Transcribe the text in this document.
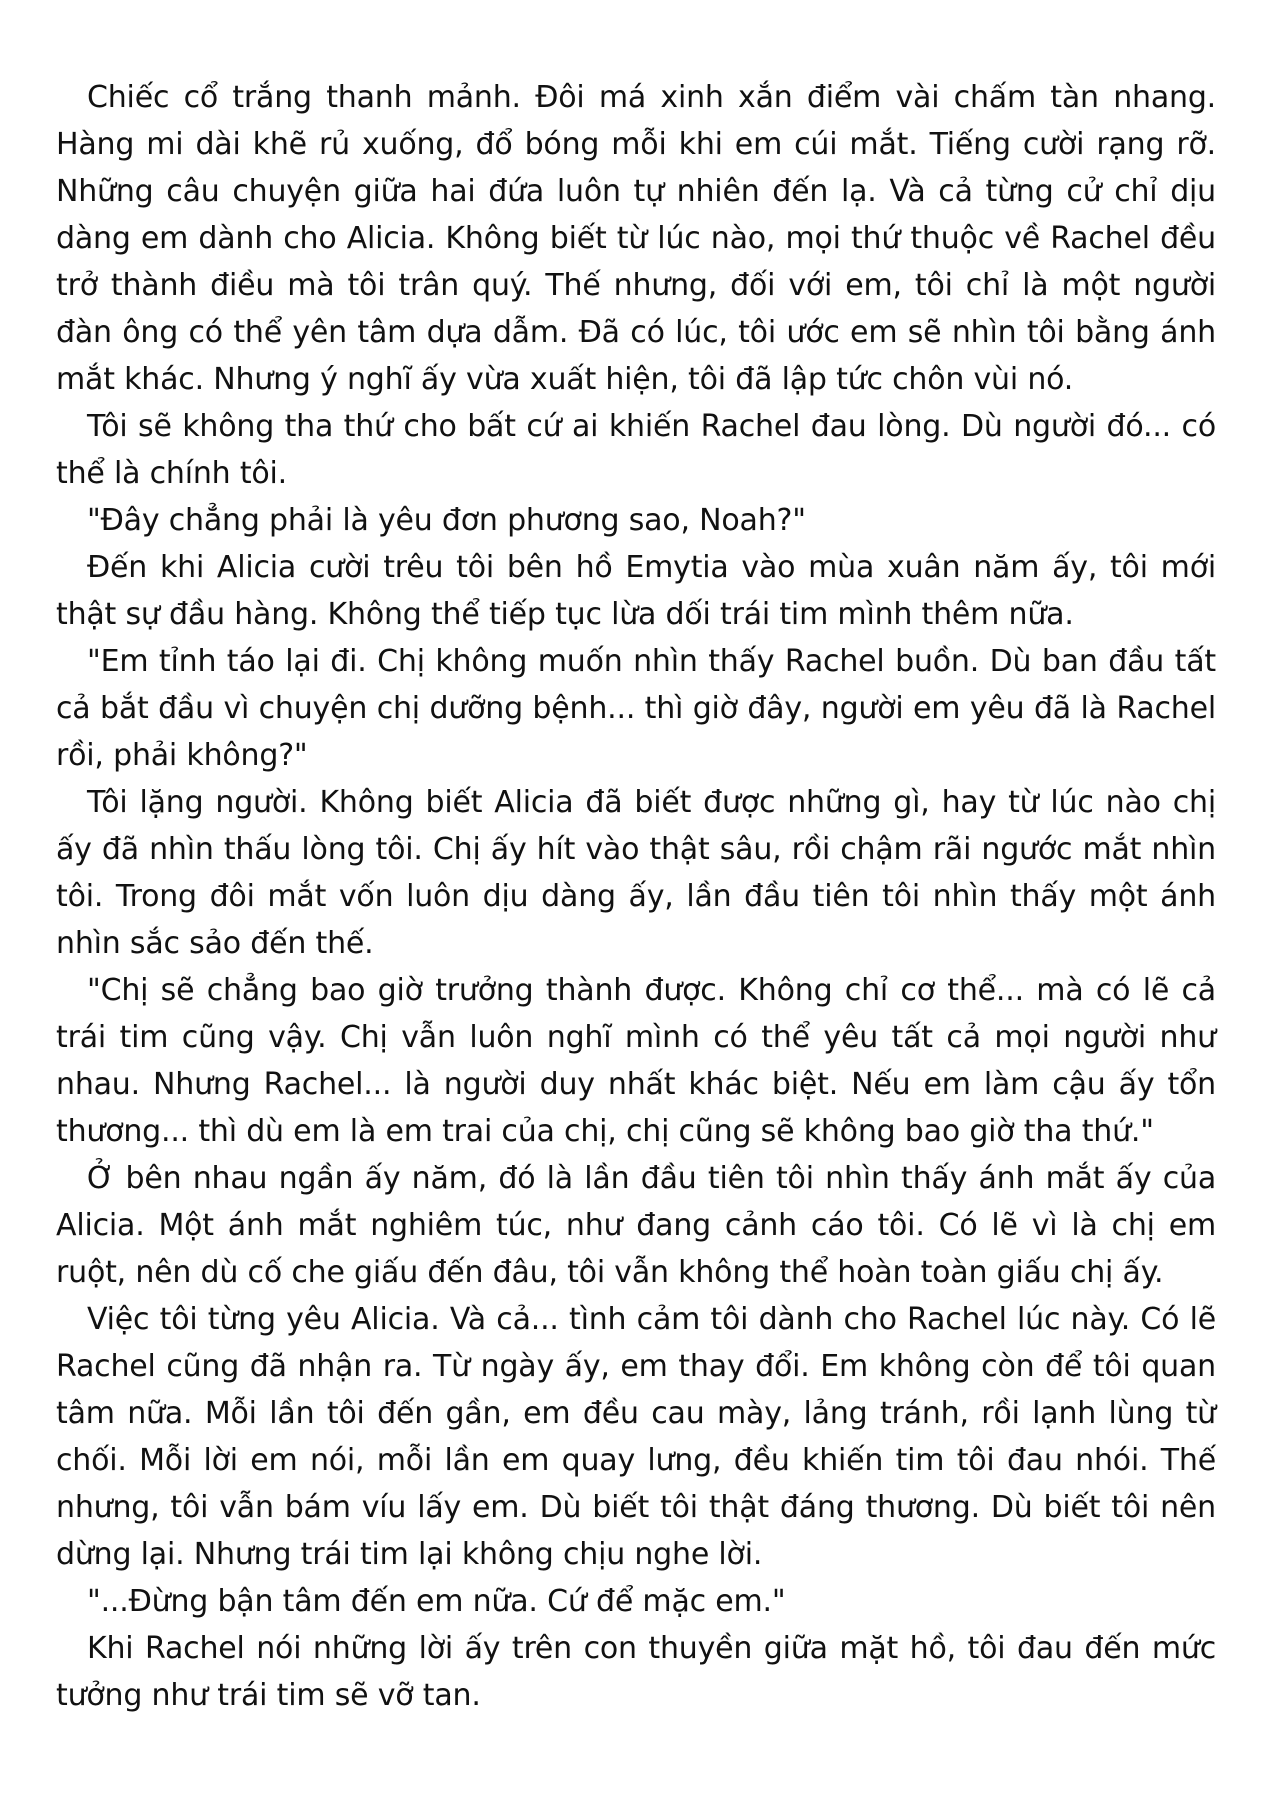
Chiếc cổ trắng thanh mảnh. Đôi má xinh xắn điểm vài chấm tàn nhang. Hàng mi dài khẽ rủ xuống, đổ bóng mỗi khi em cúi mắt. Tiếng cười rạng rỡ. Những câu chuyện giữa hai đứa luôn tự nhiên đến lạ. Và cả từng cử chỉ dịu dàng em dành cho Alicia. Không biết từ lúc nào, mọi thứ thuộc về Rachel đều trở thành điều mà tôi trân quý. Thế nhưng, đối với em, tôi chỉ là một người đàn ông có thể yên tâm dựa dẫm. Đã có lúc, tôi ước em sẽ nhìn tôi bằng ánh mắt khác. Nhưng ý nghĩ ấy vừa xuất hiện, tôi đã lập tức chôn vùi nó.

Tôi sẽ không tha thứ cho bất cứ ai khiến Rachel đau lòng. Dù người đó... có thể là chính tôi.

"Đây chẳng phải là yêu đơn phương sao, Noah?"

Đến khi Alicia cười trêu tôi bên hồ Emytia vào mùa xuân năm ấy, tôi mới thật sự đầu hàng. Không thể tiếp tục lừa dối trái tim mình thêm nữa.

"Em tỉnh táo lại đi. Chị không muốn nhìn thấy Rachel buồn. Dù ban đầu tất cả bắt đầu vì chuyện chị dưỡng bệnh... thì giờ đây, người em yêu đã là Rachel rồi, phải không?"

Tôi lặng người. Không biết Alicia đã biết được những gì, hay từ lúc nào chị ấy đã nhìn thấu lòng tôi. Chị ấy hít vào thật sâu, rồi chậm rãi ngước mắt nhìn tôi. Trong đôi mắt vốn luôn dịu dàng ấy, lần đầu tiên tôi nhìn thấy một ánh nhìn sắc sảo đến thế.

"Chị sẽ chẳng bao giờ trưởng thành được. Không chỉ cơ thể... mà có lẽ cả trái tim cũng vậy. Chị vẫn luôn nghĩ mình có thể yêu tất cả mọi người như nhau. Nhưng Rachel... là người duy nhất khác biệt. Nếu em làm cậu ấy tổn thương... thì dù em là em trai của chị, chị cũng sẽ không bao giờ tha thứ."

Ở bên nhau ngần ấy năm, đó là lần đầu tiên tôi nhìn thấy ánh mắt ấy của Alicia. Một ánh mắt nghiêm túc, như đang cảnh cáo tôi. Có lẽ vì là chị em ruột, nên dù cố che giấu đến đâu, tôi vẫn không thể hoàn toàn giấu chị ấy.

Việc tôi từng yêu Alicia. Và cả... tình cảm tôi dành cho Rachel lúc này. Có lẽ Rachel cũng đã nhận ra. Từ ngày ấy, em thay đổi. Em không còn để tôi quan tâm nữa. Mỗi lần tôi đến gần, em đều cau mày, lảng tránh, rồi lạnh lùng từ chối. Mỗi lời em nói, mỗi lần em quay lưng, đều khiến tim tôi đau nhói. Thế nhưng, tôi vẫn bám víu lấy em. Dù biết tôi thật đáng thương. Dù biết tôi nên dừng lại. Nhưng trái tim lại không chịu nghe lời.

"...Đừng bận tâm đến em nữa. Cứ để mặc em."

Khi Rachel nói những lời ấy trên con thuyền giữa mặt hồ, tôi đau đến mức tưởng như trái tim sẽ vỡ tan.
